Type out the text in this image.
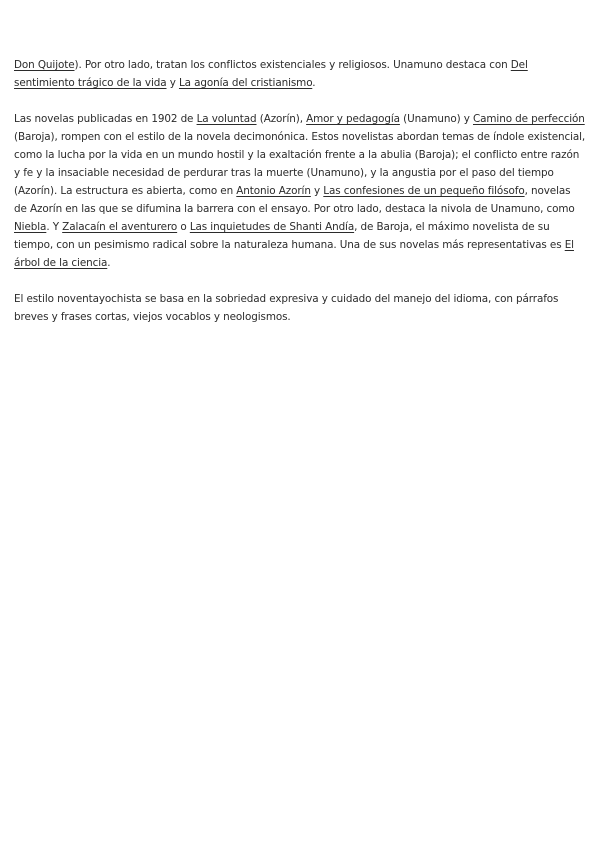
Don Quijote). Por otro lado, tratan los conflictos existenciales y religiosos. Unamuno destaca con Del sentimiento trágico de la vida y La agonía del cristianismo.

Las novelas publicadas en 1902 de La voluntad (Azorín), Amor y pedagogía (Unamuno) y Camino de perfección (Baroja), rompen con el estilo de la novela decimonónica. Estos novelistas abordan temas de índole existencial, como la lucha por la vida en un mundo hostil y la exaltación frente a la abulia (Baroja); el conflicto entre razón y fe y la insaciable necesidad de perdurar tras la muerte (Unamuno), y la angustia por el paso del tiempo (Azorín). La estructura es abierta, como en Antonio Azorín y Las confesiones de un pequeño filósofo, novelas de Azorín en las que se difumina la barrera con el ensayo. Por otro lado, destaca la nivola de Unamuno, como Niebla. Y Zalacaín el aventurero o Las inquietudes de Shanti Andía, de Baroja, el máximo novelista de su tiempo, con un pesimismo radical sobre la naturaleza humana. Una de sus novelas más representativas es El árbol de la ciencia.

El estilo noventayochista se basa en la sobriedad expresiva y cuidado del manejo del idioma, con párrafos breves y frases cortas, viejos vocablos y neologismos.
